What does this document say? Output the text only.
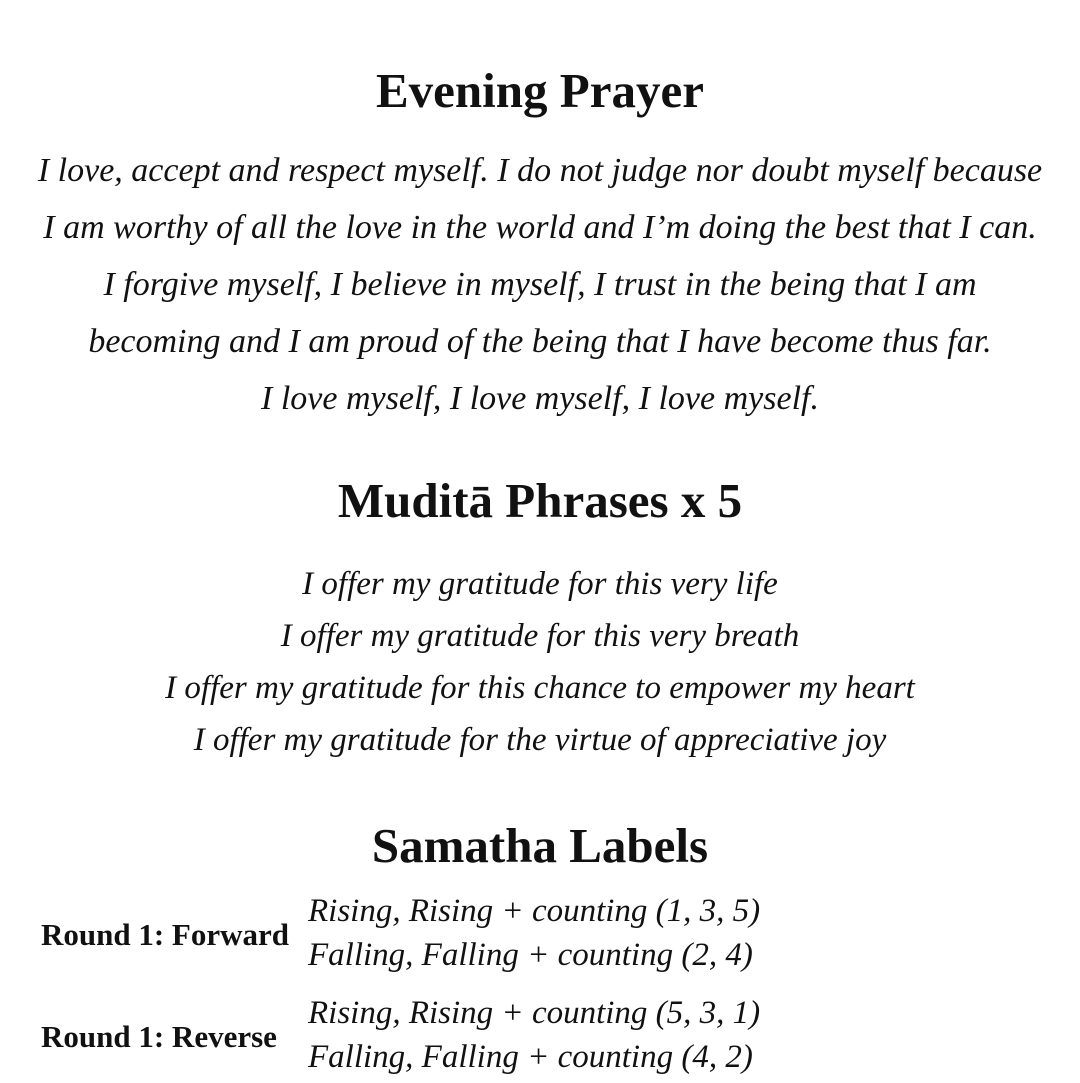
Evening Prayer
I love, accept and respect myself. I do not judge nor doubt myself because
I am worthy of all the love in the world and I’m doing the best that I can.
I forgive myself, I believe in myself, I trust in the being that I am
becoming and I am proud of the being that I have become thus far.
I love myself, I love myself, I love myself.
Muditā Phrases x 5
I offer my gratitude for this very life
I offer my gratitude for this very breath
I offer my gratitude for this chance to empower my heart
I offer my gratitude for the virtue of appreciative joy
Samatha Labels
Round 1: Forward
Rising, Rising + counting (1, 3, 5)
Falling, Falling + counting (2, 4)
Round 1: Reverse
Rising, Rising + counting (5, 3, 1)
Falling, Falling + counting (4, 2)
